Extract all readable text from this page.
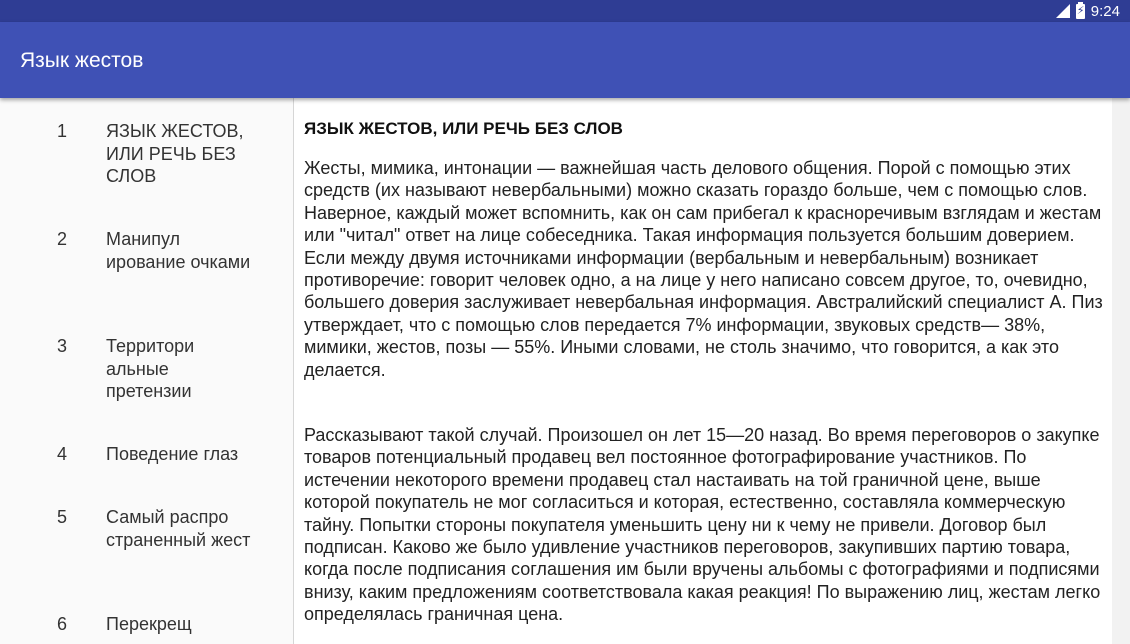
⚡ 9:24
Язык жестов
1 ЯЗЫК ЖЕСТОВ, ИЛИ РЕЧЬ БЕЗ СЛОВ
2 Манипул ирование очками
3 Территори альные претензии
4 Поведение глаз
5 Самый распро страненный жест
6 Перекрещ
ЯЗЫК ЖЕСТОВ, ИЛИ РЕЧЬ БЕЗ СЛОВ
Жесты, мимика, интонации — важнейшая часть делового общения. Порой с помощью этих средств (их называют невербальными) можно сказать гораздо больше, чем с помощью слов. Наверное, каждый может вспомнить, как он сам прибегал к красноречивым взглядам и жестам или "читал" ответ на лице собеседника. Такая информация пользуется большим доверием. Если между двумя источниками информации (вербальным и невербальным) возникает противоречие: говорит человек одно, а на лице у него написано совсем другое, то, очевидно, большего доверия заслуживает невербальная информация. Австралийский специалист А. Пиз утверждает, что с помощью слов передается 7% информации, звуковых средств— 38%, мимики, жестов, позы — 55%. Иными словами, не столь значимо, что говорится, а как это делается.
Рассказывают такой случай. Произошел он лет 15—20 назад. Во время переговоров о закупке товаров потенциальный продавец вел постоянное фотографирование участников. По истечении некоторого времени продавец стал настаивать на той граничной цене, выше которой покупатель не мог согласиться и которая, естественно, составляла коммерческую тайну. Попытки стороны покупателя уменьшить цену ни к чему не привели. Договор был подписан. Каково же было удивление участников переговоров, закупивших партию товара, когда после подписания соглашения им были вручены альбомы с фотографиями и подписями внизу, каким предложениям соответствовала какая реакция! По выражению лиц, жестам легко определялась граничная цена.
